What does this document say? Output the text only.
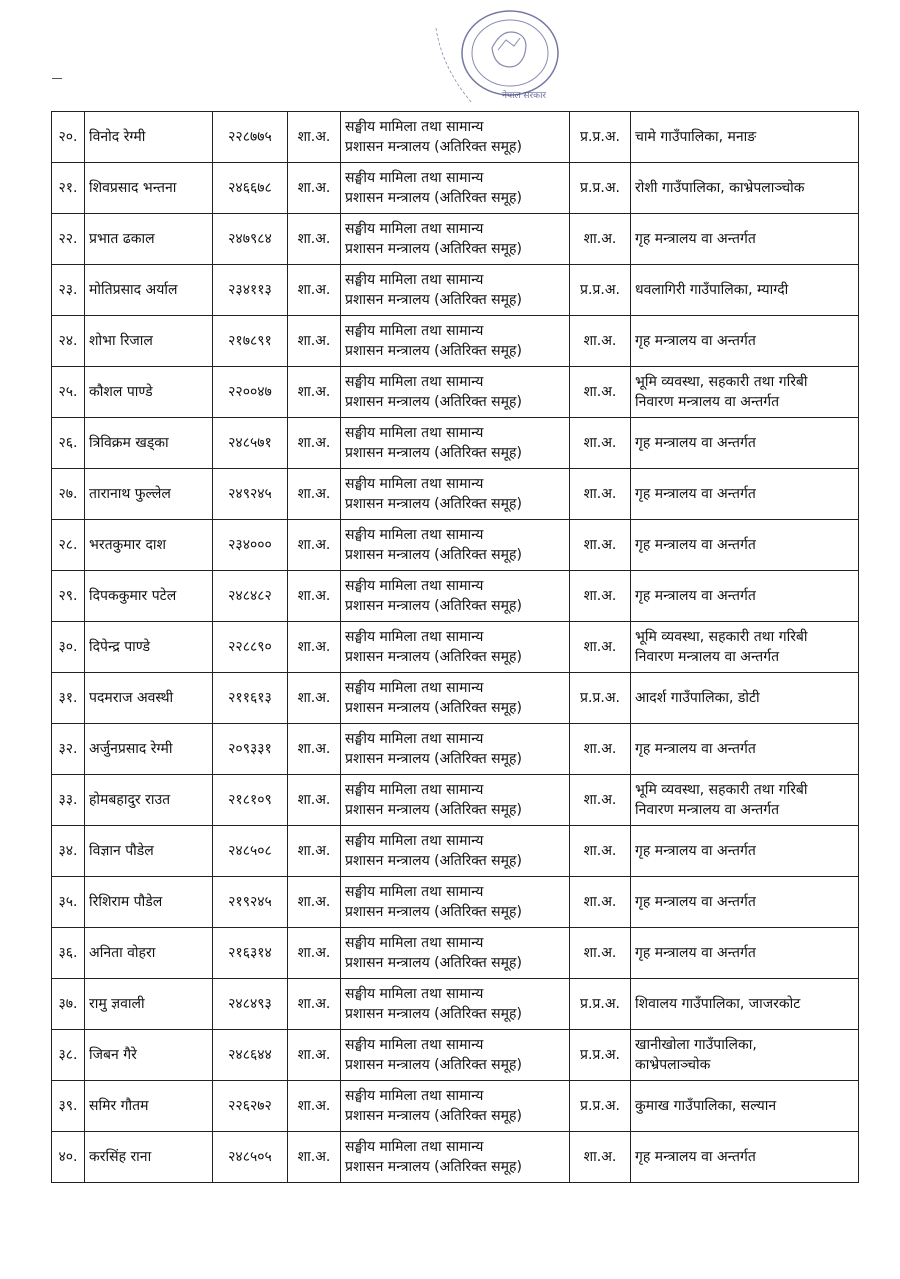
नेपाल सरकार
२०.	विनोद रेग्मी	२२८७७५	शा.अ.	सङ्घीय मामिला तथा सामान्य
प्रशासन मन्त्रालय (अतिरिक्त समूह)	प्र.प्र.अ.	चामे गाउँपालिका, मनाङ

२१.	शिवप्रसाद भन्तना	२४६६७८	शा.अ.	सङ्घीय मामिला तथा सामान्य
प्रशासन मन्त्रालय (अतिरिक्त समूह)	प्र.प्र.अ.	रोशी गाउँपालिका, काभ्रेपलाञ्चोक

२२.	प्रभात ढकाल	२४७९८४	शा.अ.	सङ्घीय मामिला तथा सामान्य
प्रशासन मन्त्रालय (अतिरिक्त समूह)	शा.अ.	गृह मन्त्रालय वा अन्तर्गत

२३.	मोतिप्रसाद अर्याल	२३४११३	शा.अ.	सङ्घीय मामिला तथा सामान्य
प्रशासन मन्त्रालय (अतिरिक्त समूह)	प्र.प्र.अ.	धवलागिरी गाउँपालिका, म्याग्दी

२४.	शोभा रिजाल	२१७८९१	शा.अ.	सङ्घीय मामिला तथा सामान्य
प्रशासन मन्त्रालय (अतिरिक्त समूह)	शा.अ.	गृह मन्त्रालय वा अन्तर्गत

२५.	कौशल पाण्डे	२२००४७	शा.अ.	सङ्घीय मामिला तथा सामान्य
प्रशासन मन्त्रालय (अतिरिक्त समूह)	शा.अ.	भूमि व्यवस्था, सहकारी तथा गरिबी
निवारण मन्त्रालय वा अन्तर्गत

२६.	त्रिविक्रम खड्का	२४८५७१	शा.अ.	सङ्घीय मामिला तथा सामान्य
प्रशासन मन्त्रालय (अतिरिक्त समूह)	शा.अ.	गृह मन्त्रालय वा अन्तर्गत

२७.	तारानाथ फुल्लेल	२४९२४५	शा.अ.	सङ्घीय मामिला तथा सामान्य
प्रशासन मन्त्रालय (अतिरिक्त समूह)	शा.अ.	गृह मन्त्रालय वा अन्तर्गत

२८.	भरतकुमार दाश	२३४०००	शा.अ.	सङ्घीय मामिला तथा सामान्य
प्रशासन मन्त्रालय (अतिरिक्त समूह)	शा.अ.	गृह मन्त्रालय वा अन्तर्गत

२९.	दिपककुमार पटेल	२४८४८२	शा.अ.	सङ्घीय मामिला तथा सामान्य
प्रशासन मन्त्रालय (अतिरिक्त समूह)	शा.अ.	गृह मन्त्रालय वा अन्तर्गत

३०.	दिपेन्द्र पाण्डे	२२८८९०	शा.अ.	सङ्घीय मामिला तथा सामान्य
प्रशासन मन्त्रालय (अतिरिक्त समूह)	शा.अ.	भूमि व्यवस्था, सहकारी तथा गरिबी
निवारण मन्त्रालय वा अन्तर्गत

३१.	पदमराज अवस्थी	२११६१३	शा.अ.	सङ्घीय मामिला तथा सामान्य
प्रशासन मन्त्रालय (अतिरिक्त समूह)	प्र.प्र.अ.	आदर्श गाउँपालिका, डोटी

३२.	अर्जुनप्रसाद रेग्मी	२०९३३१	शा.अ.	सङ्घीय मामिला तथा सामान्य
प्रशासन मन्त्रालय (अतिरिक्त समूह)	शा.अ.	गृह मन्त्रालय वा अन्तर्गत

३३.	होमबहादुर राउत	२१८१०९	शा.अ.	सङ्घीय मामिला तथा सामान्य
प्रशासन मन्त्रालय (अतिरिक्त समूह)	शा.अ.	भूमि व्यवस्था, सहकारी तथा गरिबी
निवारण मन्त्रालय वा अन्तर्गत

३४.	विज्ञान पौडेल	२४८५०८	शा.अ.	सङ्घीय मामिला तथा सामान्य
प्रशासन मन्त्रालय (अतिरिक्त समूह)	शा.अ.	गृह मन्त्रालय वा अन्तर्गत

३५.	रिशिराम पौडेल	२१९२४५	शा.अ.	सङ्घीय मामिला तथा सामान्य
प्रशासन मन्त्रालय (अतिरिक्त समूह)	शा.अ.	गृह मन्त्रालय वा अन्तर्गत

३६.	अनिता वोहरा	२१६३१४	शा.अ.	सङ्घीय मामिला तथा सामान्य
प्रशासन मन्त्रालय (अतिरिक्त समूह)	शा.अ.	गृह मन्त्रालय वा अन्तर्गत

३७.	रामु ज्ञवाली	२४८४९३	शा.अ.	सङ्घीय मामिला तथा सामान्य
प्रशासन मन्त्रालय (अतिरिक्त समूह)	प्र.प्र.अ.	शिवालय गाउँपालिका, जाजरकोट

३८.	जिबन गैरे	२४८६४४	शा.अ.	सङ्घीय मामिला तथा सामान्य
प्रशासन मन्त्रालय (अतिरिक्त समूह)	प्र.प्र.अ.	खानीखोला गाउँपालिका,
काभ्रेपलाञ्चोक

३९.	समिर गौतम	२२६२७२	शा.अ.	सङ्घीय मामिला तथा सामान्य
प्रशासन मन्त्रालय (अतिरिक्त समूह)	प्र.प्र.अ.	कुमाख गाउँपालिका, सल्यान

४०.	करसिंह राना	२४८५०५	शा.अ.	सङ्घीय मामिला तथा सामान्य
प्रशासन मन्त्रालय (अतिरिक्त समूह)	शा.अ.	गृह मन्त्रालय वा अन्तर्गत
